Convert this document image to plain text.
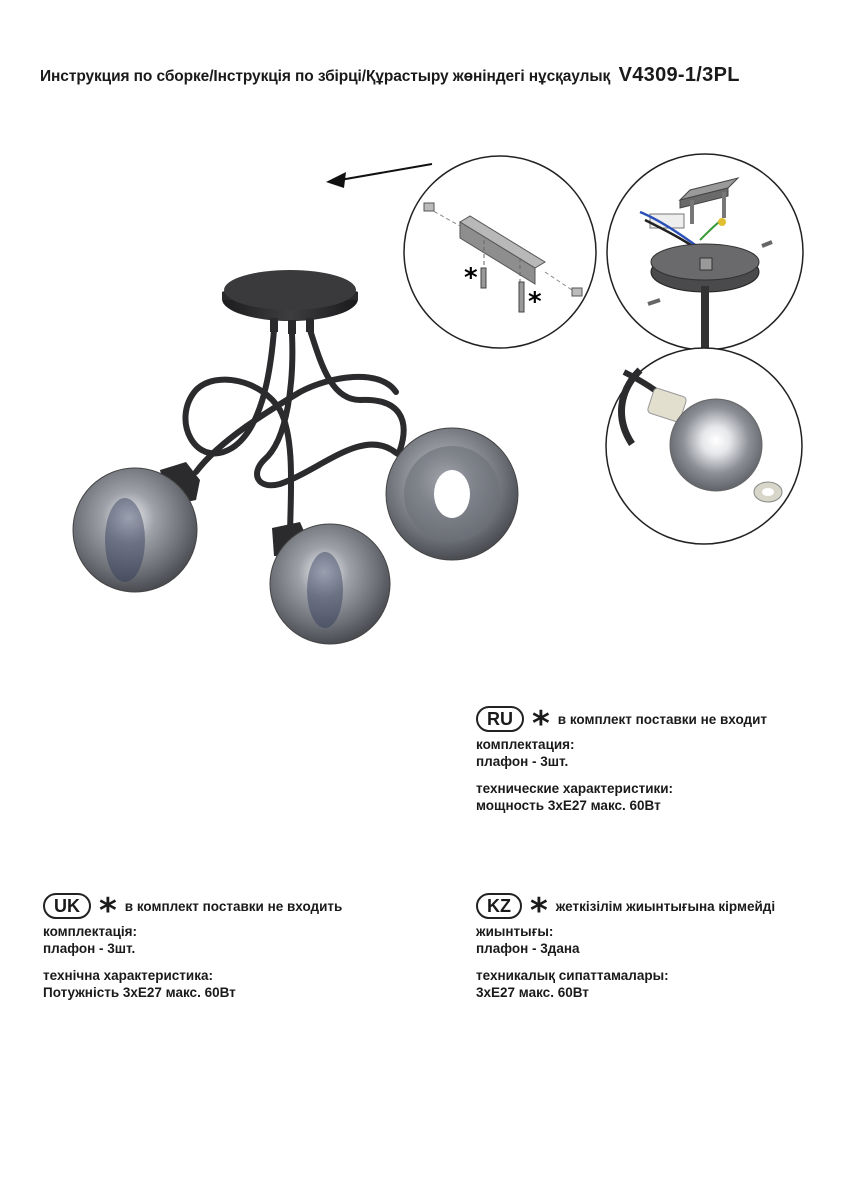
Инструкция по сборке/Інструкція по збірці/Құрастыру жөніндегі нұсқаулық V4309-1/3PL
*
*
RU * в комплект поставки не входит
комплектация:
плафон - 3шт.
технические характеристики:
мощность 3хЕ27 макс. 60Вт
UK * в комплект поставки не входить
комплектація:
плафон - 3шт.
технічна характеристика:
Потужність 3хЕ27 макс. 60Вт
KZ * жеткізілім жиынтығына кірмейді
жиынтығы:
плафон - 3дана
техникалық сипаттамалары:
3хЕ27 макс. 60Вт
